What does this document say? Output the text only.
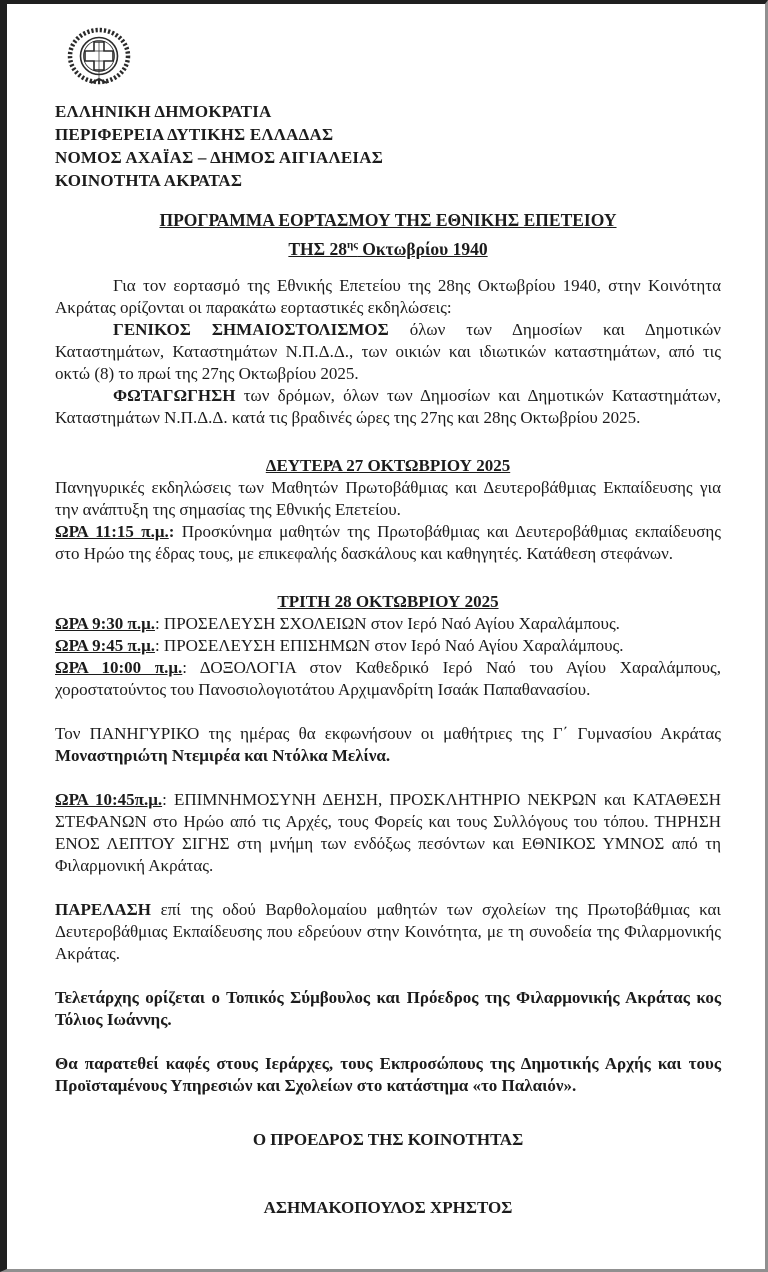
ΕΛΛΗΝΙΚΗ ΔΗΜΟΚΡΑΤΙΑ
ΠΕΡΙΦΕΡΕΙΑ ΔΥΤΙΚΗΣ ΕΛΛΑΔΑΣ
ΝΟΜΟΣ ΑΧΑΪΑΣ – ΔΗΜΟΣ ΑΙΓΙΑΛΕΙΑΣ
ΚΟΙΝΟΤΗΤΑ ΑΚΡΑΤΑΣ
ΠΡΟΓΡΑΜΜΑ ΕΟΡΤΑΣΜΟΥ ΤΗΣ ΕΘΝΙΚΗΣ ΕΠΕΤΕΙΟΥ
ΤΗΣ $28^{\eta\varsigma}$ Οκτωβρίου 1940

Για τον εορτασμό της Εθνικής Επετείου της 28ης Οκτωβρίου 1940, στην Κοινότητα Ακράτας ορίζονται οι παρακάτω εορταστικές εκδηλώσεις:

ΓΕΝΙΚΟΣ ΣΗΜΑΙΟΣΤΟΛΙΣΜΟΣ όλων των Δημοσίων και Δημοτικών Καταστημάτων, Καταστημάτων Ν.Π.Δ.Δ., των οικιών και ιδιωτικών καταστημάτων, από τις οκτώ (8) το πρωί της 27ης Οκτωβρίου 2025.

ΦΩΤΑΓΩΓΗΣΗ των δρόμων, όλων των Δημοσίων και Δημοτικών Καταστημάτων, Καταστημάτων Ν.Π.Δ.Δ. κατά τις βραδινές ώρες της 27ης και 28ης Οκτωβρίου 2025.

ΔΕΥΤΕΡΑ 27 ΟΚΤΩΒΡΙΟΥ 2025

Πανηγυρικές εκδηλώσεις των Μαθητών Πρωτοβάθμιας και Δευτεροβάθμιας Εκπαίδευσης για την ανάπτυξη της σημασίας της Εθνικής Επετείου.

ΩΡΑ 11:15 π.μ.: Προσκύνημα μαθητών της Πρωτοβάθμιας και Δευτεροβάθμιας εκπαίδευσης στο Ηρώο της έδρας τους, με επικεφαλής δασκάλους και καθηγητές. Κατάθεση στεφάνων.

ΤΡΙΤΗ 28 ΟΚΤΩΒΡΙΟΥ 2025

ΩΡΑ 9:30 π.μ.: ΠΡΟΣΕΛΕΥΣΗ ΣΧΟΛΕΙΩΝ στον Ιερό Ναό Αγίου Χαραλάμπους.

ΩΡΑ 9:45 π.μ.: ΠΡΟΣΕΛΕΥΣΗ ΕΠΙΣΗΜΩΝ στον Ιερό Ναό Αγίου Χαραλάμπους.

ΩΡΑ 10:00 π.μ.: ΔΟΞΟΛΟΓΙΑ στον Καθεδρικό Ιερό Ναό του Αγίου Χαραλάμπους, χοροστατούντος του Πανοσιολογιοτάτου Αρχιμανδρίτη Ισαάκ Παπαθανασίου.

Τον ΠΑΝΗΓΥΡΙΚΟ της ημέρας θα εκφωνήσουν οι μαθήτριες της Γ΄ Γυμνασίου Ακράτας Μοναστηριώτη Ντεμιρέα και Ντόλκα Μελίνα.

ΩΡΑ 10:45π.μ.: ΕΠΙΜΝΗΜΟΣΥΝΗ ΔΕΗΣΗ, ΠΡΟΣΚΛΗΤΗΡΙΟ ΝΕΚΡΩΝ και ΚΑΤΑΘΕΣΗ ΣΤΕΦΑΝΩΝ στο Ηρώο από τις Αρχές, τους Φορείς και τους Συλλόγους του τόπου. ΤΗΡΗΣΗ ΕΝΟΣ ΛΕΠΤΟΥ ΣΙΓΗΣ στη μνήμη των ενδόξως πεσόντων και ΕΘΝΙΚΟΣ ΥΜΝΟΣ από τη Φιλαρμονική Ακράτας.

ΠΑΡΕΛΑΣΗ επί της οδού Βαρθολομαίου μαθητών των σχολείων της Πρωτοβάθμιας και Δευτεροβάθμιας Εκπαίδευσης που εδρεύουν στην Κοινότητα, με τη συνοδεία της Φιλαρμονικής Ακράτας.

Τελετάρχης ορίζεται ο Τοπικός Σύμβουλος και Πρόεδρος της Φιλαρμονικής Ακράτας κος Τόλιος Ιωάννης.

Θα παρατεθεί καφές στους Ιεράρχες, τους Εκπροσώπους της Δημοτικής Αρχής και τους Προϊσταμένους Υπηρεσιών και Σχολείων στο κατάστημα «το Παλαιόν».

Ο ΠΡΟΕΔΡΟΣ ΤΗΣ ΚΟΙΝΟΤΗΤΑΣ
ΑΣΗΜΑΚΟΠΟΥΛΟΣ ΧΡΗΣΤΟΣ
